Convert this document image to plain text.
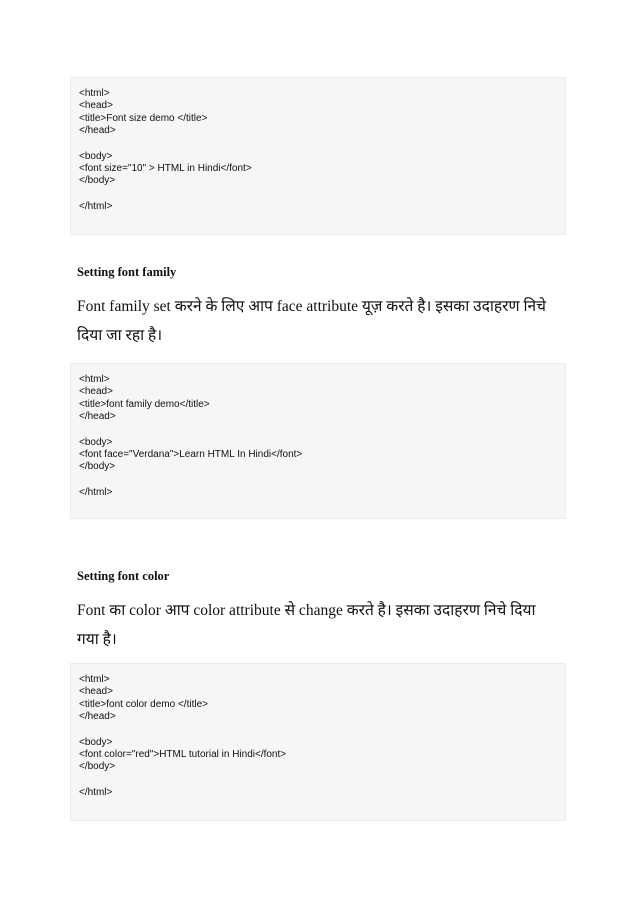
<html>
<head>
<title>Font size demo </title>
</head>
<body>
<font size="10" > HTML in Hindi</font>
</body>
</html>
Setting font family
Font family set करने के लिए आप face attribute यूज़ करते है। इसका उदाहरण निचे दिया जा रहा है।
<html>
<head>
<title>font family demo</title>
</head>
<body>
<font face="Verdana">Learn HTML In Hindi</font>
</body>
</html>
Setting font color
Font का color आप color attribute से change करते है। इसका उदाहरण निचे दिया गया है।
<html>
<head>
<title>font color demo </title>
</head>
<body>
<font color="red">HTML tutorial in Hindi</font>
</body>
</html>
